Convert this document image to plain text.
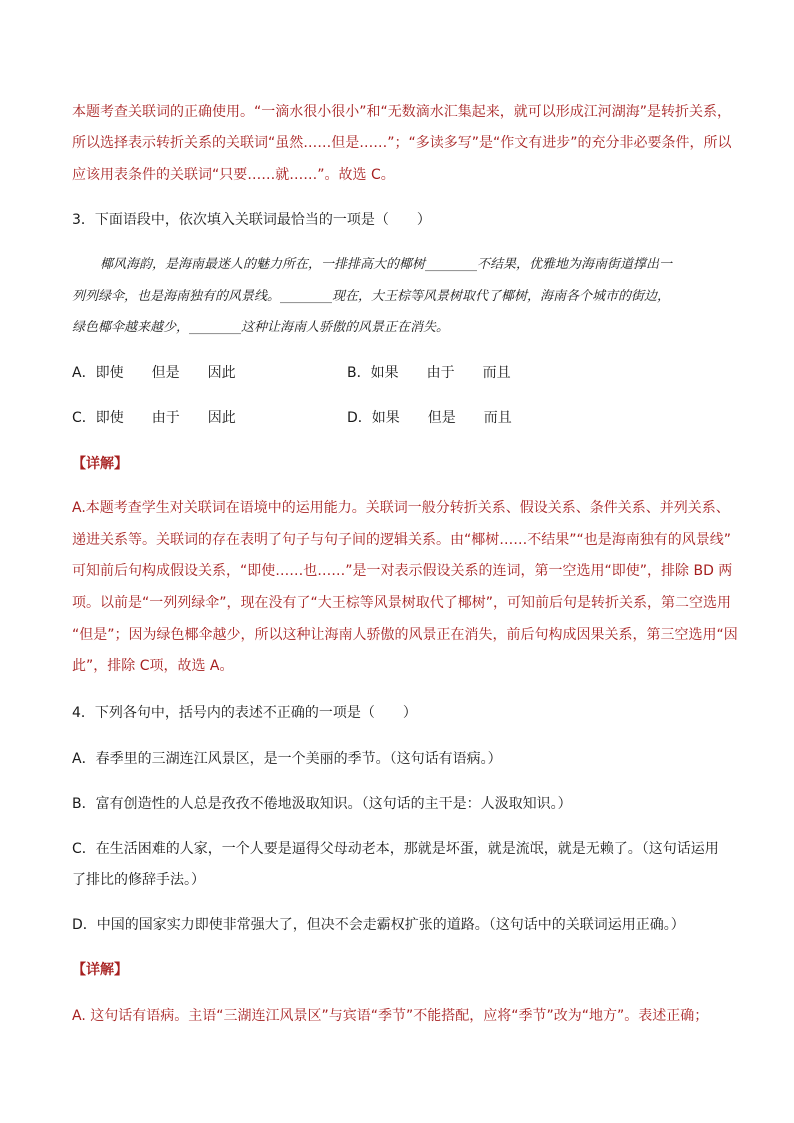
本题考查关联词的正确使用。“一滴水很小很小”和“无数滴水汇集起来，就可以形成江河湖海”是转折关系，
所以选择表示转折关系的关联词“虽然……但是……”；“多读多写”是“作文有进步”的充分非必要条件，所以
应该用表条件的关联词“只要……就……”。故选 C。
3．下面语段中，依次填入关联词最恰当的一项是（　　）
椰风海韵，是海南最迷人的魅力所在，一排排高大的椰树________不结果，优雅地为海南街道撑出一
列列绿伞，也是海南独有的风景线。________现在，大王棕等风景树取代了椰树，海南各个城市的街边，
绿色椰伞越来越少，________这种让海南人骄傲的风景正在消失。
A．即使　　但是　　因此	B．如果　　由于　　而且
C．即使　　由于　　因此	D．如果　　但是　　而且
【详解】
A.本题考查学生对关联词在语境中的运用能力。关联词一般分转折关系、假设关系、条件关系、并列关系、
递进关系等。关联词的存在表明了句子与句子间的逻辑关系。由“椰树……不结果”“也是海南独有的风景线”
可知前后句构成假设关系，“即使……也……”是一对表示假设关系的连词，第一空选用“即使”，排除 BD 两
项。以前是“一列列绿伞”，现在没有了“大王棕等风景树取代了椰树”，可知前后句是转折关系，第二空选用
“但是”；因为绿色椰伞越少，所以这种让海南人骄傲的风景正在消失，前后句构成因果关系，第三空选用“因
此”，排除 C项，故选 A。
4．下列各句中，括号内的表述不正确的一项是（　　）
A．春季里的三湖连江风景区，是一个美丽的季节。（这句话有语病。）
B．富有创造性的人总是孜孜不倦地汲取知识。（这句话的主干是：人汲取知识。）
C．在生活困难的人家，一个人要是逼得父母动老本，那就是坏蛋，就是流氓，就是无赖了。（这句话运用
了排比的修辞手法。）
D．中国的国家实力即使非常强大了，但决不会走霸权扩张的道路。（这句话中的关联词运用正确。）
【详解】
A. 这句话有语病。主语“三湖连江风景区”与宾语“季节”不能搭配，应将“季节”改为“地方”。表述正确；
